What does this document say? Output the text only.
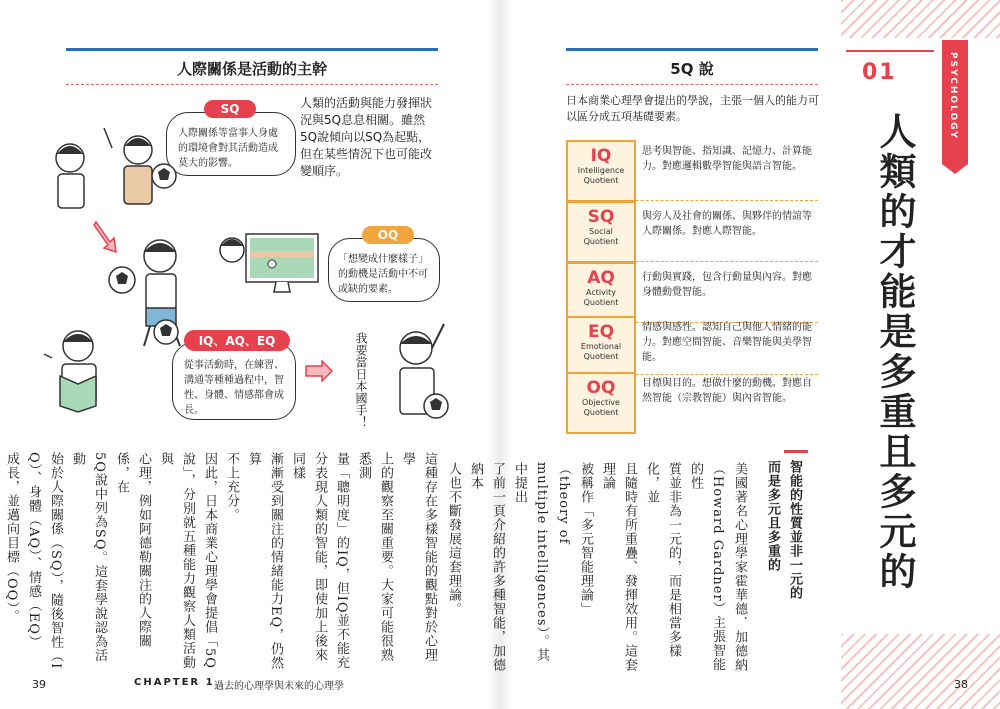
人際關係是活動的主幹
人類的活動與能力發揮狀況與5Q息息相關。雖然5Q說傾向以SQ為起點，但在某些情況下也可能改變順序。
SQ
人際關係等當事人身處的環境會對其活動造成莫大的影響。
OQ
「想變成什麼樣子」的動機是活動中不可或缺的要素。
IQ、AQ、EQ
從事活動時，在練習、溝通等種種過程中，智性、身體、情感都會成長。	我要當日本國手！
這種存在多樣智能的觀點對於心理學
上的觀察至關重要。大家可能很熟悉測
量「聰明度」的IQ，但IQ並不能充
分表現人類的智能，即使加上後來同樣
漸漸受到關注的情緒能力EQ，仍然算
不上充分。
因此，日本商業心理學會提倡「5Q
說」，分別就五種能力觀察人類活動與
心理，例如阿德勒關注的人際關係，在
5Q說中列為SQ。這套學說認為活動
始於人際關係（SQ），隨後智性（I
Q）、身體（AQ）、情感（EQ）
成長，並邁向目標（OQ）。
39	CHAPTER 1 過去的心理學與未來的心理學
5Q 說
日本商業心理學會提出的學說，主張一個人的能力可以區分成五項基礎要素。
IQ
Intelligence
Quotient
思考與智能、指知識、記憶力、計算能力。對應邏輯數學智能與語言智能。
SQ
Social
Quotient
與旁人及社會的關係、與夥伴的情誼等人際關係。對應人際智能。
AQ
Activity
Quotient
行動與實踐，包含行動量與內容。對應身體動覺智能。
EQ
Emotional
Quotient
情感與感性。認知自己與他人情緒的能力。對應空間智能、音樂智能與美學智能。
OQ
Objective
Quotient
目標與目的。想做什麼的動機。對應自然智能（宗教智能）與內省智能。
智能的性質並非一元的
而是多元且多重的
美國著名心理學家霍華德．加德納
（Howard Gardner）主張智能的性
質並非為一元的，而是相當多樣化，並
且隨時有所重疊、發揮效用。這套理論
被稱作「多元智能理論」（theory of
multiple intelligences）。其中提出
了前一頁介紹的許多種智能，加德納本
人也不斷發展這套理論。
01	PSYCHOLOGY
人類的才能是多重且多元的
38
